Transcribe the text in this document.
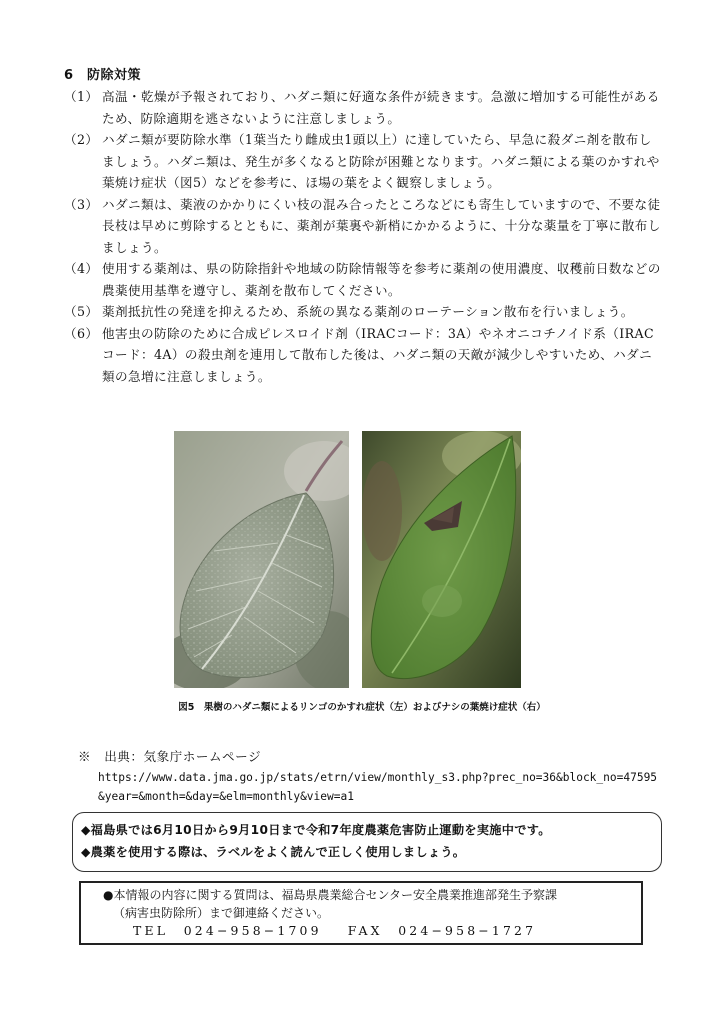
6　防除対策
（1） 高温・乾燥が予報されており、ハダニ類に好適な条件が続きます。急激に増加する可能性があるため、防除適期を逃さないように注意しましょう。
（2） ハダニ類が要防除水準（1葉当たり雌成虫1頭以上）に達していたら、早急に殺ダニ剤を散布しましょう。ハダニ類は、発生が多くなると防除が困難となります。ハダニ類による葉のかすれや葉焼け症状（図5）などを参考に、ほ場の葉をよく観察しましょう。
（3） ハダニ類は、薬液のかかりにくい枝の混み合ったところなどにも寄生していますので、不要な徒長枝は早めに剪除するとともに、薬剤が葉裏や新梢にかかるように、十分な薬量を丁寧に散布しましょう。
（4） 使用する薬剤は、県の防除指針や地域の防除情報等を参考に薬剤の使用濃度、収穫前日数などの農薬使用基準を遵守し、薬剤を散布してください。
（5） 薬剤抵抗性の発達を抑えるため、系統の異なる薬剤のローテーション散布を行いましょう。
（6） 他害虫の防除のために合成ピレスロイド剤（IRACコード：3A）やネオニコチノイド系（IRACコード：4A）の殺虫剤を連用して散布した後は、ハダニ類の天敵が減少しやすいため、ハダニ類の急増に注意しましょう。
図5　果樹のハダニ類によるリンゴのかすれ症状（左）およびナシの葉焼け症状（右）
※　出典：気象庁ホームページ
https://www.data.jma.go.jp/stats/etrn/view/monthly_s3.php?prec_no=36&block_no=47595&year=&month=&day=&elm=monthly&view=a1
◆福島県では6月10日から9月10日まで令和7年度農薬危害防止運動を実施中です。
◆農薬を使用する際は、ラベルをよく読んで正しく使用しましょう。
●本情報の内容に関する質問は、福島県農業総合センター安全農業推進部発生予察課
（病害虫防除所）まで御連絡ください。
TEL　024−958−1709 FAX　024−958−1727
